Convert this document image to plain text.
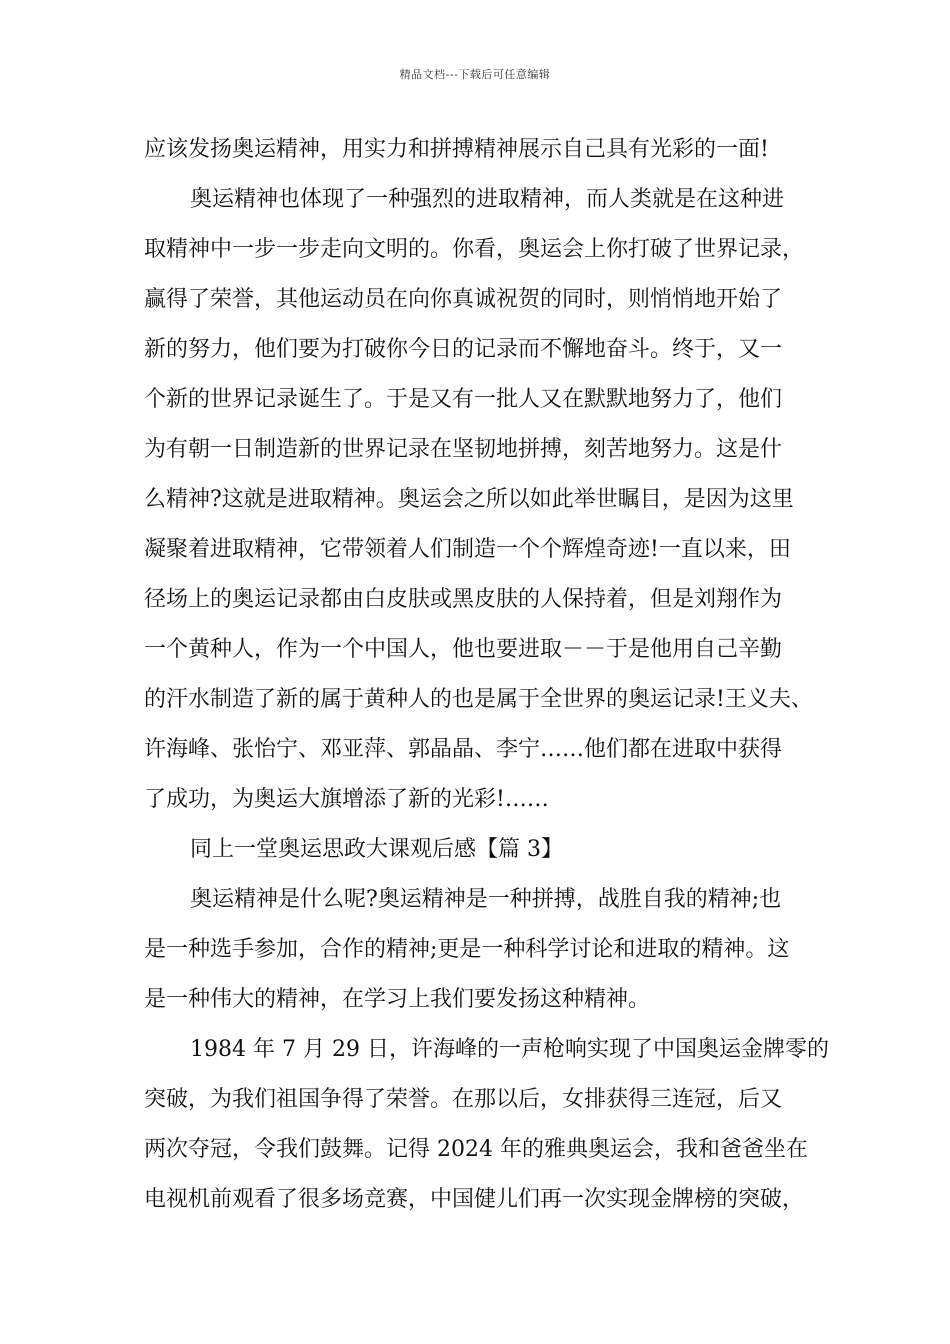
精品文档---下载后可任意编辑
应该发扬奥运精神，用实力和拼搏精神展示自己具有光彩的一面!
奥运精神也体现了一种强烈的进取精神，而人类就是在这种进
取精神中一步一步走向文明的。你看，奥运会上你打破了世界记录，
赢得了荣誉，其他运动员在向你真诚祝贺的同时，则悄悄地开始了
新的努力，他们要为打破你今日的记录而不懈地奋斗。终于，又一
个新的世界记录诞生了。于是又有一批人又在默默地努力了，他们
为有朝一日制造新的世界记录在坚韧地拼搏，刻苦地努力。这是什
么精神?这就是进取精神。奥运会之所以如此举世瞩目，是因为这里
凝聚着进取精神，它带领着人们制造一个个辉煌奇迹!一直以来，田
径场上的奥运记录都由白皮肤或黑皮肤的人保持着，但是刘翔作为
一个黄种人，作为一个中国人，他也要进取－－于是他用自己辛勤
的汗水制造了新的属于黄种人的也是属于全世界的奥运记录!王义夫、
许海峰、张怡宁、邓亚萍、郭晶晶、李宁……他们都在进取中获得
了成功，为奥运大旗增添了新的光彩!……
同上一堂奥运思政大课观后感【篇 3】
奥运精神是什么呢?奥运精神是一种拼搏，战胜自我的精神;也
是一种选手参加，合作的精神;更是一种科学讨论和进取的精神。这
是一种伟大的精神，在学习上我们要发扬这种精神。
1984 年 7 月 29 日，许海峰的一声枪响实现了中国奥运金牌零的
突破，为我们祖国争得了荣誉。在那以后，女排获得三连冠，后又
两次夺冠，令我们鼓舞。记得 2024 年的雅典奥运会，我和爸爸坐在
电视机前观看了很多场竞赛，中国健儿们再一次实现金牌榜的突破，
